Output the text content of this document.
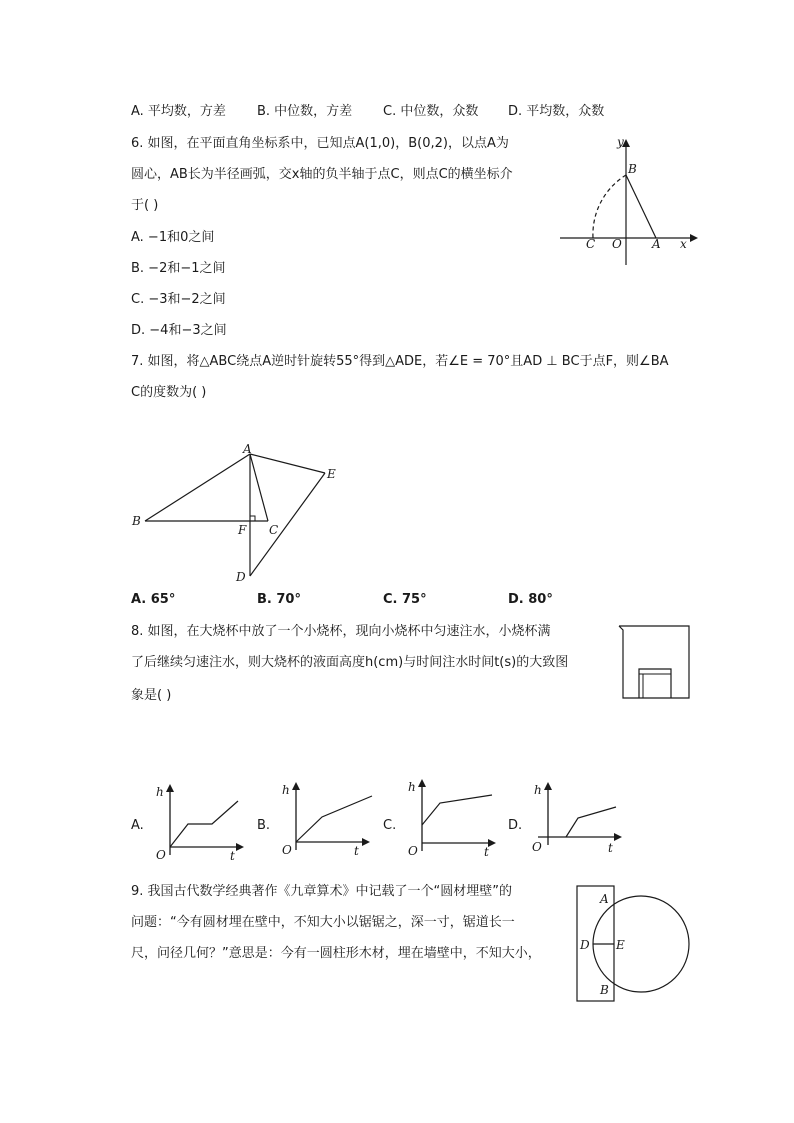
A. 平均数，方差 B. 中位数，方差 C. 中位数，众数 D. 平均数，众数
6. 如图，在平面直角坐标系中，已知点A(1,0)，B(0,2)，以点A为
圆心，AB长为半径画弧，交x轴的负半轴于点C，则点C的横坐标介
于( )
A. −1和0之间
B. −2和−1之间
C. −3和−2之间
D. −4和−3之间
y
x
B
C O	A
7. 如图，将△ABC绕点A逆时针旋转55°得到△ADE，若∠E = 70°且AD ⊥ BC于点F，则∠BA
C的度数为( )
A
B
C
D
E
F
A. 65°	B. 70°	C. 75°	D. 80°
8. 如图，在大烧杯中放了一个小烧杯，现向小烧杯中匀速注水，小烧杯满
了后继续匀速注水，则大烧杯的液面高度h(cm)与时间注水时间t(s)的大致图
象是( )
A.
h
t
O
B.
h
t
O
C.
h
t
O
D.
h
t
O
9. 我国古代数学经典著作《九章算术》中记载了一个“圆材埋壁”的
问题：“今有圆材埋在壁中，不知大小以锯锯之，深一寸，锯道长一
尺，问径几何？”意思是：今有一圆柱形木材，埋在墙壁中，不知大小，
A
B
D E
